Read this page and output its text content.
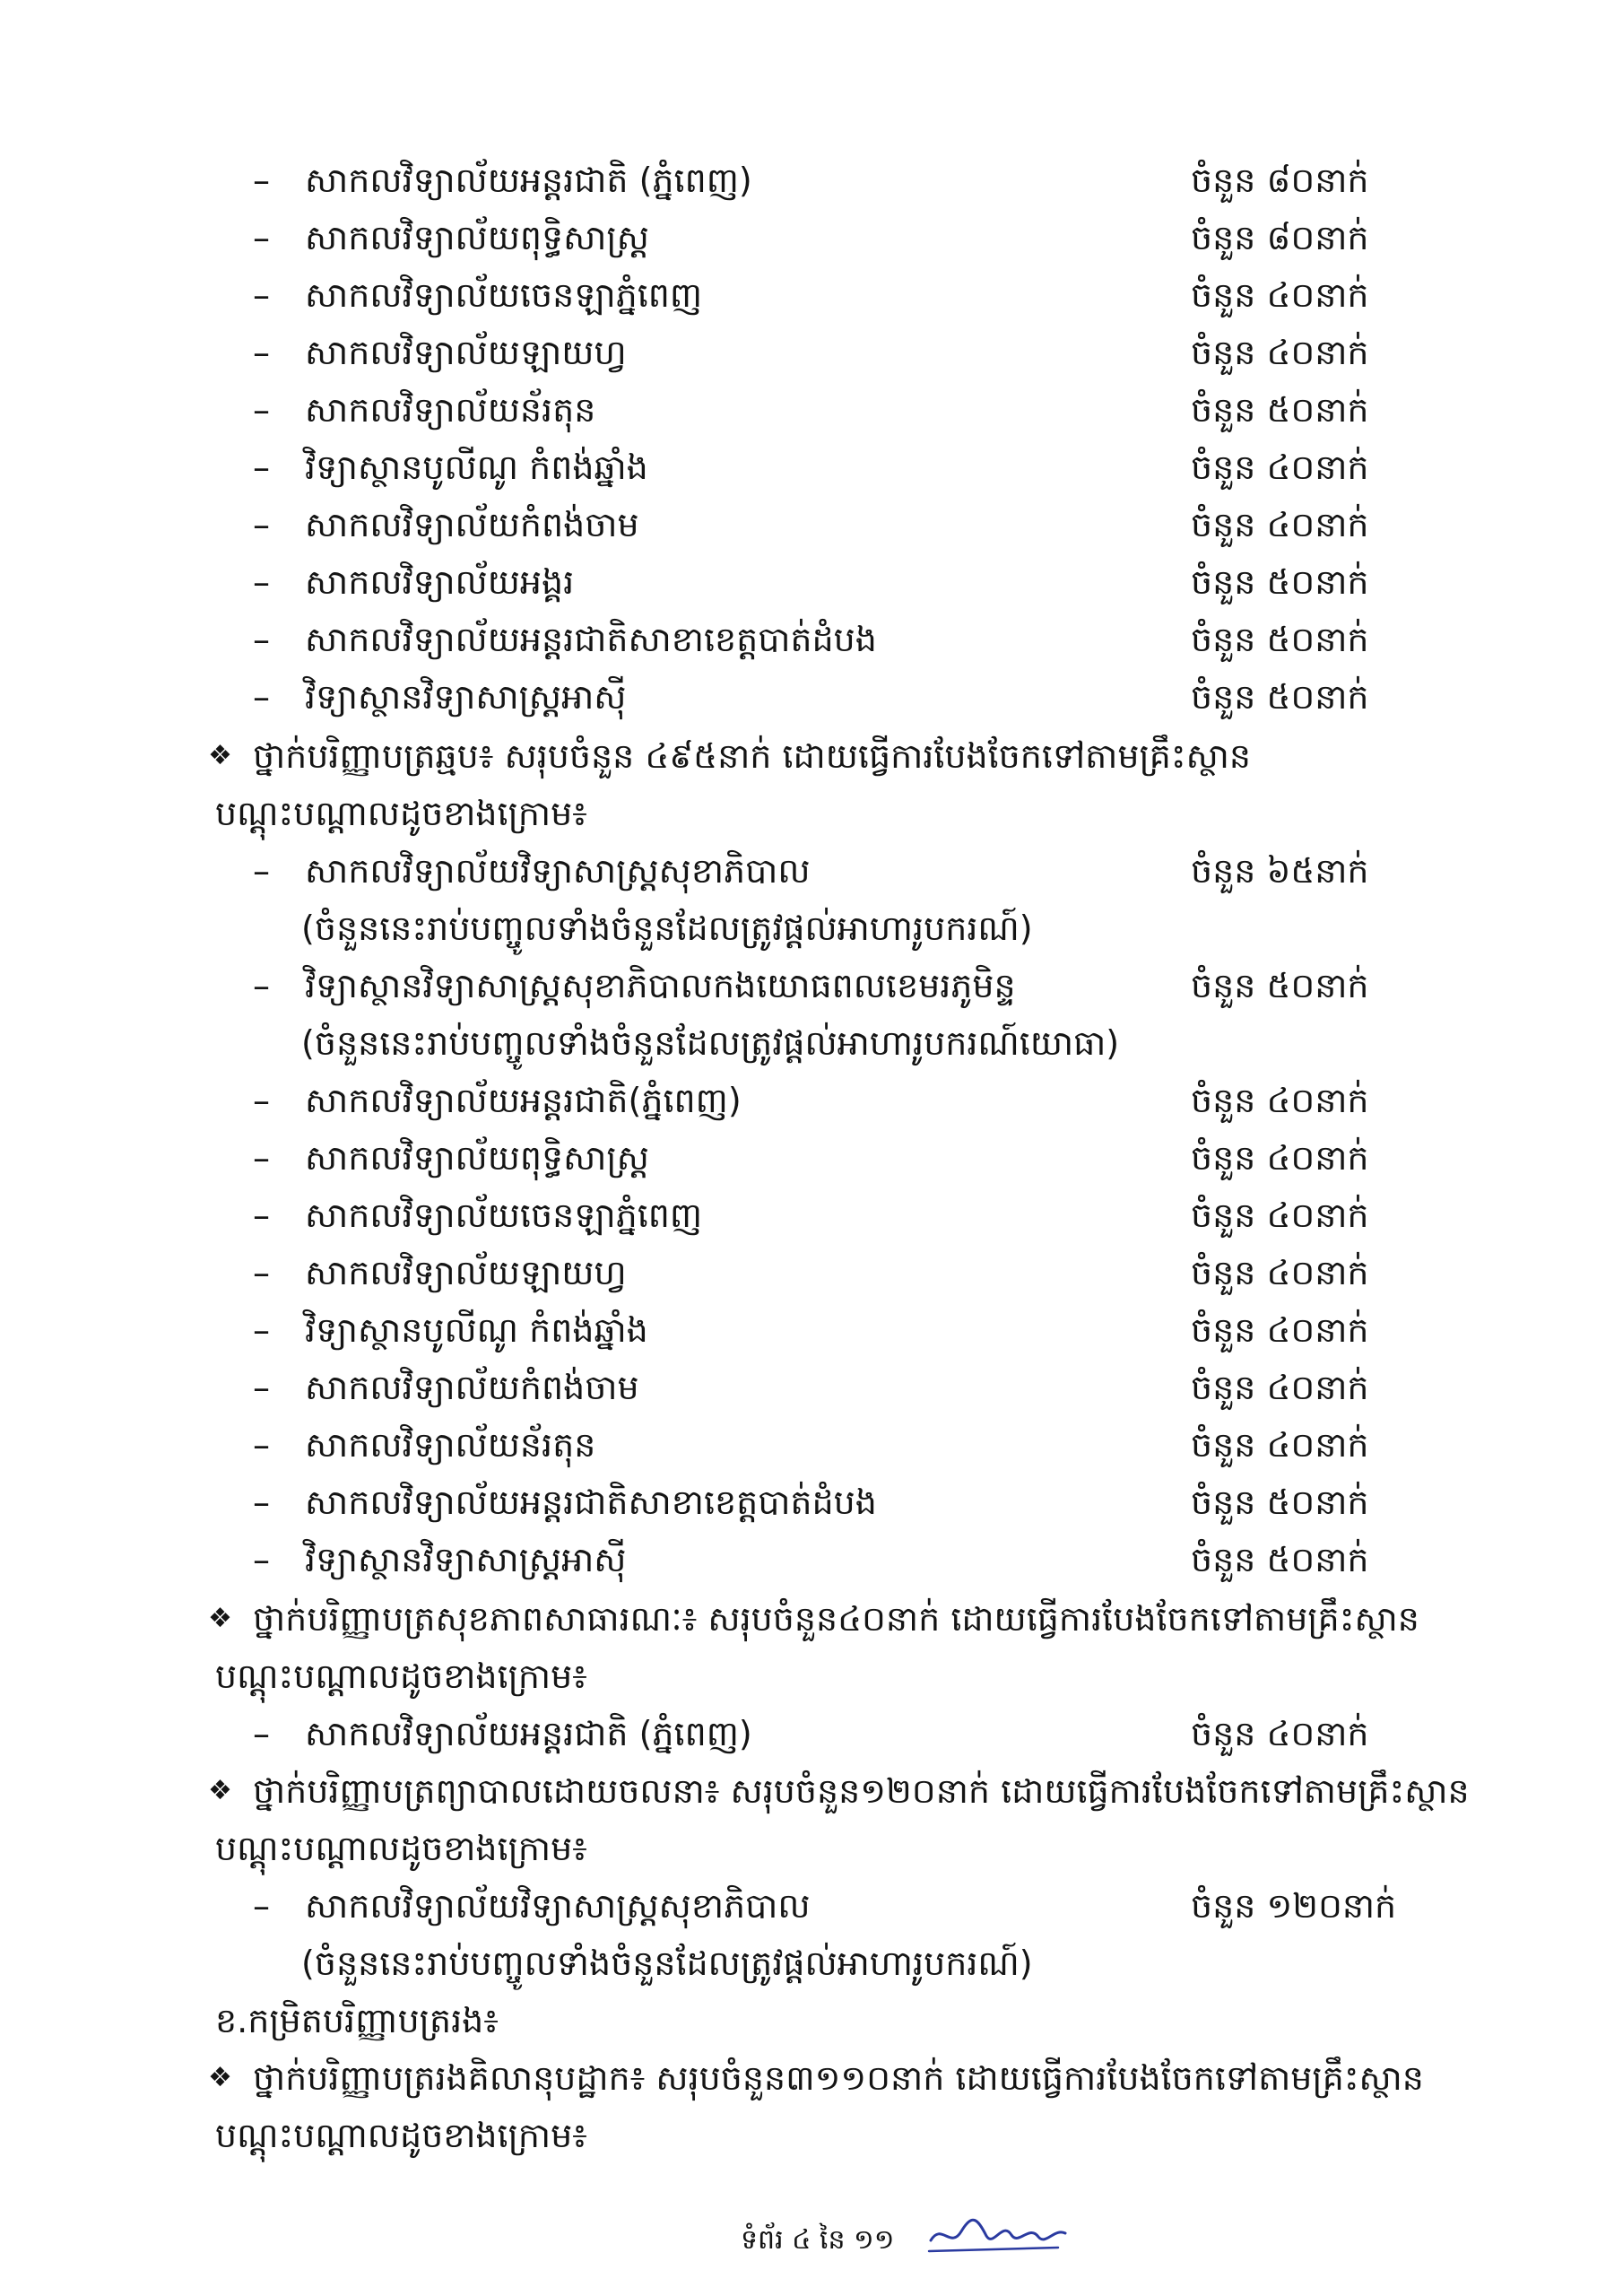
– សាកលវិទ្យាល័យអន្តរជាតិ (ភ្នំពេញ)	ចំនួន ៨០នាក់
– សាកលវិទ្យាល័យពុទ្ធិសាស្ត្រ	ចំនួន ៨០នាក់
– សាកលវិទ្យាល័យចេនឡាភ្នំពេញ	ចំនួន ៤០នាក់
– សាកលវិទ្យាល័យឡាយហ្វ	ចំនួន ៤០នាក់
– សាកលវិទ្យាល័យន័រតុន	ចំនួន ៥០នាក់
– វិទ្យាស្ថានបូលីណូ កំពង់ឆ្នាំង	ចំនួន ៤០នាក់
– សាកលវិទ្យាល័យកំពង់ចាម	ចំនួន ៤០នាក់
– សាកលវិទ្យាល័យអង្គរ	ចំនួន ៥០នាក់
– សាកលវិទ្យាល័យអន្តរជាតិសាខាខេត្តបាត់ដំបង	ចំនួន ៥០នាក់
– វិទ្យាស្ថានវិទ្យាសាស្ត្រអាស៊ី	ចំនួន ៥០នាក់
❖ ថ្នាក់បរិញ្ញាបត្រឆ្មប៖ សរុបចំនួន ៤៩៥នាក់ ដោយធ្វើការបែងចែកទៅតាមគ្រឹះស្ថាន
បណ្តុះបណ្តាលដូចខាងក្រោម៖
– សាកលវិទ្យាល័យវិទ្យាសាស្ត្រសុខាភិបាល	ចំនួន ៦៥នាក់
(ចំនួននេះរាប់បញ្ចូលទាំងចំនួនដែលត្រូវផ្តល់អាហារូបករណ៍)
– វិទ្យាស្ថានវិទ្យាសាស្ត្រសុខាភិបាលកងយោធពលខេមរភូមិន្ទ	ចំនួន ៥០នាក់
(ចំនួននេះរាប់បញ្ចូលទាំងចំនួនដែលត្រូវផ្តល់អាហារូបករណ៍យោធា)
– សាកលវិទ្យាល័យអន្តរជាតិ(ភ្នំពេញ)	ចំនួន ៤០នាក់
– សាកលវិទ្យាល័យពុទ្ធិសាស្ត្រ	ចំនួន ៤០នាក់
– សាកលវិទ្យាល័យចេនឡាភ្នំពេញ	ចំនួន ៤០នាក់
– សាកលវិទ្យាល័យឡាយហ្វ	ចំនួន ៤០នាក់
– វិទ្យាស្ថានបូលីណូ កំពង់ឆ្នាំង	ចំនួន ៤០នាក់
– សាកលវិទ្យាល័យកំពង់ចាម	ចំនួន ៤០នាក់
– សាកលវិទ្យាល័យន័រតុន	ចំនួន ៤០នាក់
– សាកលវិទ្យាល័យអន្តរជាតិសាខាខេត្តបាត់ដំបង	ចំនួន ៥០នាក់
– វិទ្យាស្ថានវិទ្យាសាស្ត្រអាស៊ី	ចំនួន ៥០នាក់
❖ ថ្នាក់បរិញ្ញាបត្រសុខភាពសាធារណៈ៖ សរុបចំនួន៤០នាក់ ដោយធ្វើការបែងចែកទៅតាមគ្រឹះស្ថាន
បណ្តុះបណ្តាលដូចខាងក្រោម៖
– សាកលវិទ្យាល័យអន្តរជាតិ (ភ្នំពេញ)	ចំនួន ៤០នាក់
❖ ថ្នាក់បរិញ្ញាបត្រព្យាបាលដោយចលនា៖ សរុបចំនួន១២០នាក់ ដោយធ្វើការបែងចែកទៅតាមគ្រឹះស្ថាន
បណ្តុះបណ្តាលដូចខាងក្រោម៖
– សាកលវិទ្យាល័យវិទ្យាសាស្ត្រសុខាភិបាល	ចំនួន ១២០នាក់
(ចំនួននេះរាប់បញ្ចូលទាំងចំនួនដែលត្រូវផ្តល់អាហារូបករណ៍)
ខ.កម្រិតបរិញ្ញាបត្ររង៖
❖ ថ្នាក់បរិញ្ញាបត្ររងគិលានុបដ្ឋាក៖ សរុបចំនួន៣១១០នាក់ ដោយធ្វើការបែងចែកទៅតាមគ្រឹះស្ថាន
បណ្តុះបណ្តាលដូចខាងក្រោម៖
ទំព័រ ៤ នៃ ១១
